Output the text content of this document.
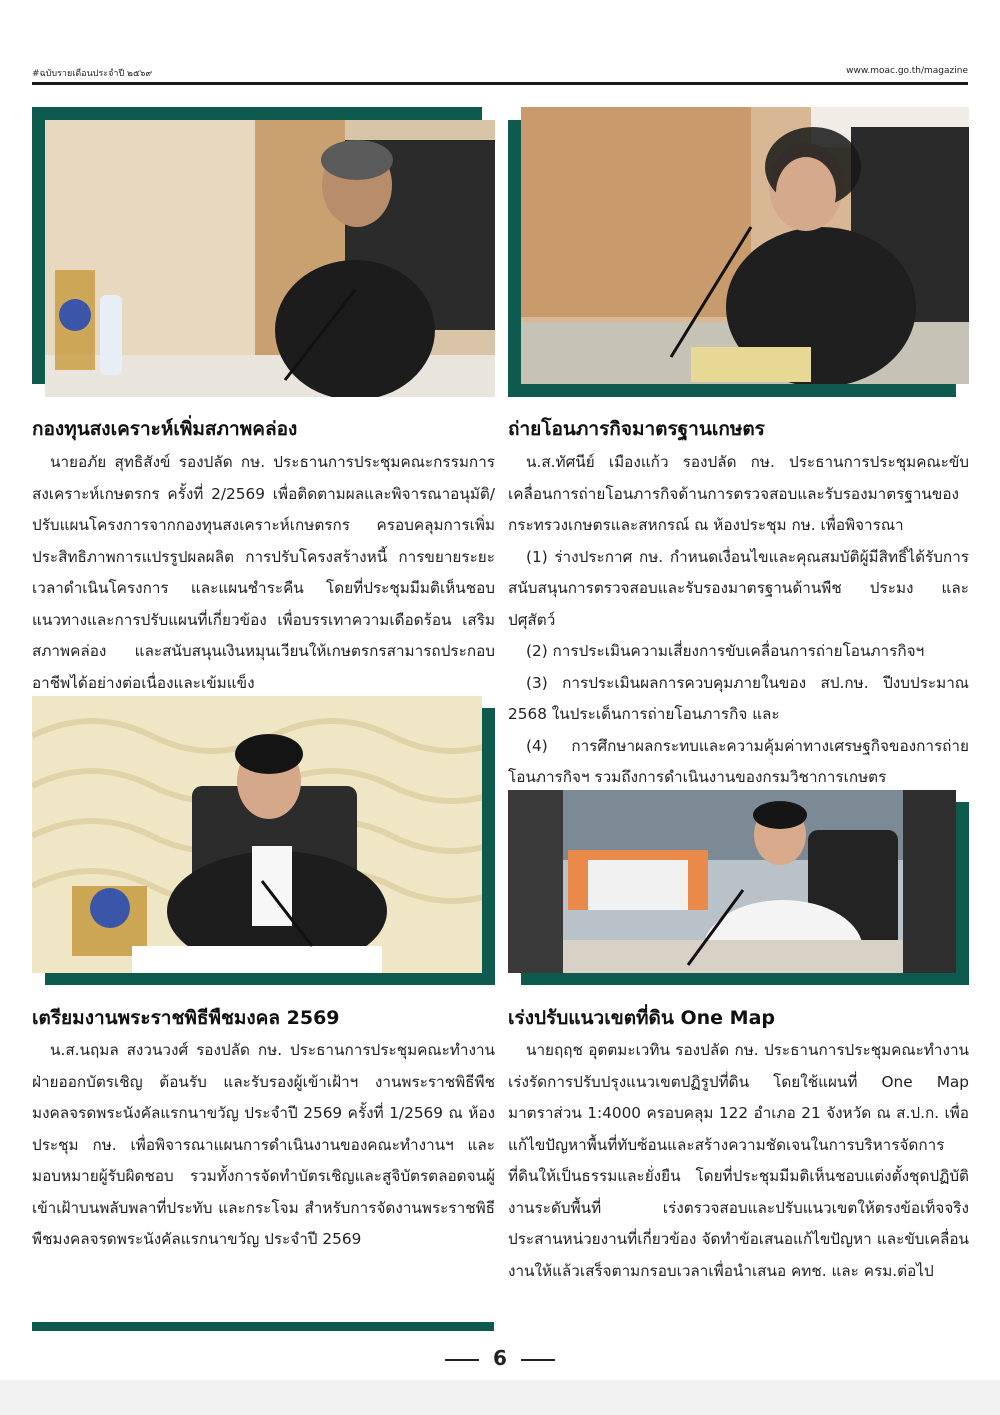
#ฉบับรายเดือนประจำปี ๒๕๖๙	www.moac.go.th/magazine
กองทุนสงเคราะห์เพิ่มสภาพคล่อง

นายอภัย สุทธิสังข์ รองปลัด กษ. ประธานการประชุมคณะกรรมการสงเคราะห์เกษตรกร ครั้งที่ 2/2569 เพื่อติดตามผลและพิจารณาอนุมัติ/ปรับแผนโครงการจากกองทุนสงเคราะห์เกษตรกร ครอบคลุมการเพิ่มประสิทธิภาพการแปรรูปผลผลิต การปรับโครงสร้างหนี้ การขยายระยะเวลาดำเนินโครงการ และแผนชำระคืน โดยที่ประชุมมีมติเห็นชอบแนวทางและการปรับแผนที่เกี่ยวข้อง เพื่อบรรเทาความเดือดร้อน เสริมสภาพคล่อง และสนับสนุนเงินหมุนเวียนให้เกษตรกรสามารถประกอบอาชีพได้อย่างต่อเนื่องและเข้มแข็ง

ถ่ายโอนภารกิจมาตรฐานเกษตร

น.ส.ทัศนีย์ เมืองแก้ว รองปลัด กษ. ประธานการประชุมคณะขับเคลื่อนการถ่ายโอนภารกิจด้านการตรวจสอบและรับรองมาตรฐานของกระทรวงเกษตรและสหกรณ์ ณ ห้องประชุม กษ. เพื่อพิจารณา

(1) ร่างประกาศ กษ. กำหนดเงื่อนไขและคุณสมบัติผู้มีสิทธิ์ได้รับการสนับสนุนการตรวจสอบและรับรองมาตรฐานด้านพืช ประมง และปศุสัตว์

(2) การประเมินความเสี่ยงการขับเคลื่อนการถ่ายโอนภารกิจฯ

(3) การประเมินผลการควบคุมภายในของ สป.กษ. ปีงบประมาณ 2568 ในประเด็นการถ่ายโอนภารกิจ และ

(4) การศึกษาผลกระทบและความคุ้มค่าทางเศรษฐกิจของการถ่ายโอนภารกิจฯ รวมถึงการดำเนินงานของกรมวิชาการเกษตร

เตรียมงานพระราชพิธีพืชมงคล 2569

น.ส.นฤมล สงวนวงศ์ รองปลัด กษ. ประธานการประชุมคณะทำงานฝ่ายออกบัตรเชิญ ต้อนรับ และรับรองผู้เข้าเฝ้าฯ งานพระราชพิธีพืชมงคลจรดพระนังคัลแรกนาขวัญ ประจำปี 2569 ครั้งที่ 1/2569 ณ ห้องประชุม กษ. เพื่อพิจารณาแผนการดำเนินงานของคณะทำงานฯ และมอบหมายผู้รับผิดชอบ รวมทั้งการจัดทำบัตรเชิญและสูจิบัตรตลอดจนผู้เข้าเฝ้าบนพลับพลาที่ประทับ และกระโจม สำหรับการจัดงานพระราชพิธีพืชมงคลจรดพระนังคัลแรกนาขวัญ ประจำปี 2569

เร่งปรับแนวเขตที่ดิน One Map

นายฤฤช อุตตมะเวทิน รองปลัด กษ. ประธานการประชุมคณะทำงานเร่งรัดการปรับปรุงแนวเขตปฏิรูปที่ดิน โดยใช้แผนที่ One Map มาตราส่วน 1:4000 ครอบคลุม 122 อำเภอ 21 จังหวัด ณ ส.ป.ก. เพื่อแก้ไขปัญหาพื้นที่ทับซ้อนและสร้างความชัดเจนในการบริหารจัดการที่ดินให้เป็นธรรมและยั่งยืน โดยที่ประชุมมีมติเห็นชอบแต่งตั้งชุดปฏิบัติงานระดับพื้นที่ เร่งตรวจสอบและปรับแนวเขตให้ตรงข้อเท็จจริง ประสานหน่วยงานที่เกี่ยวข้อง จัดทำข้อเสนอแก้ไขปัญหา และขับเคลื่อนงานให้แล้วเสร็จตามกรอบเวลาเพื่อนำเสนอ คทช. และ ครม.ต่อไป

6
